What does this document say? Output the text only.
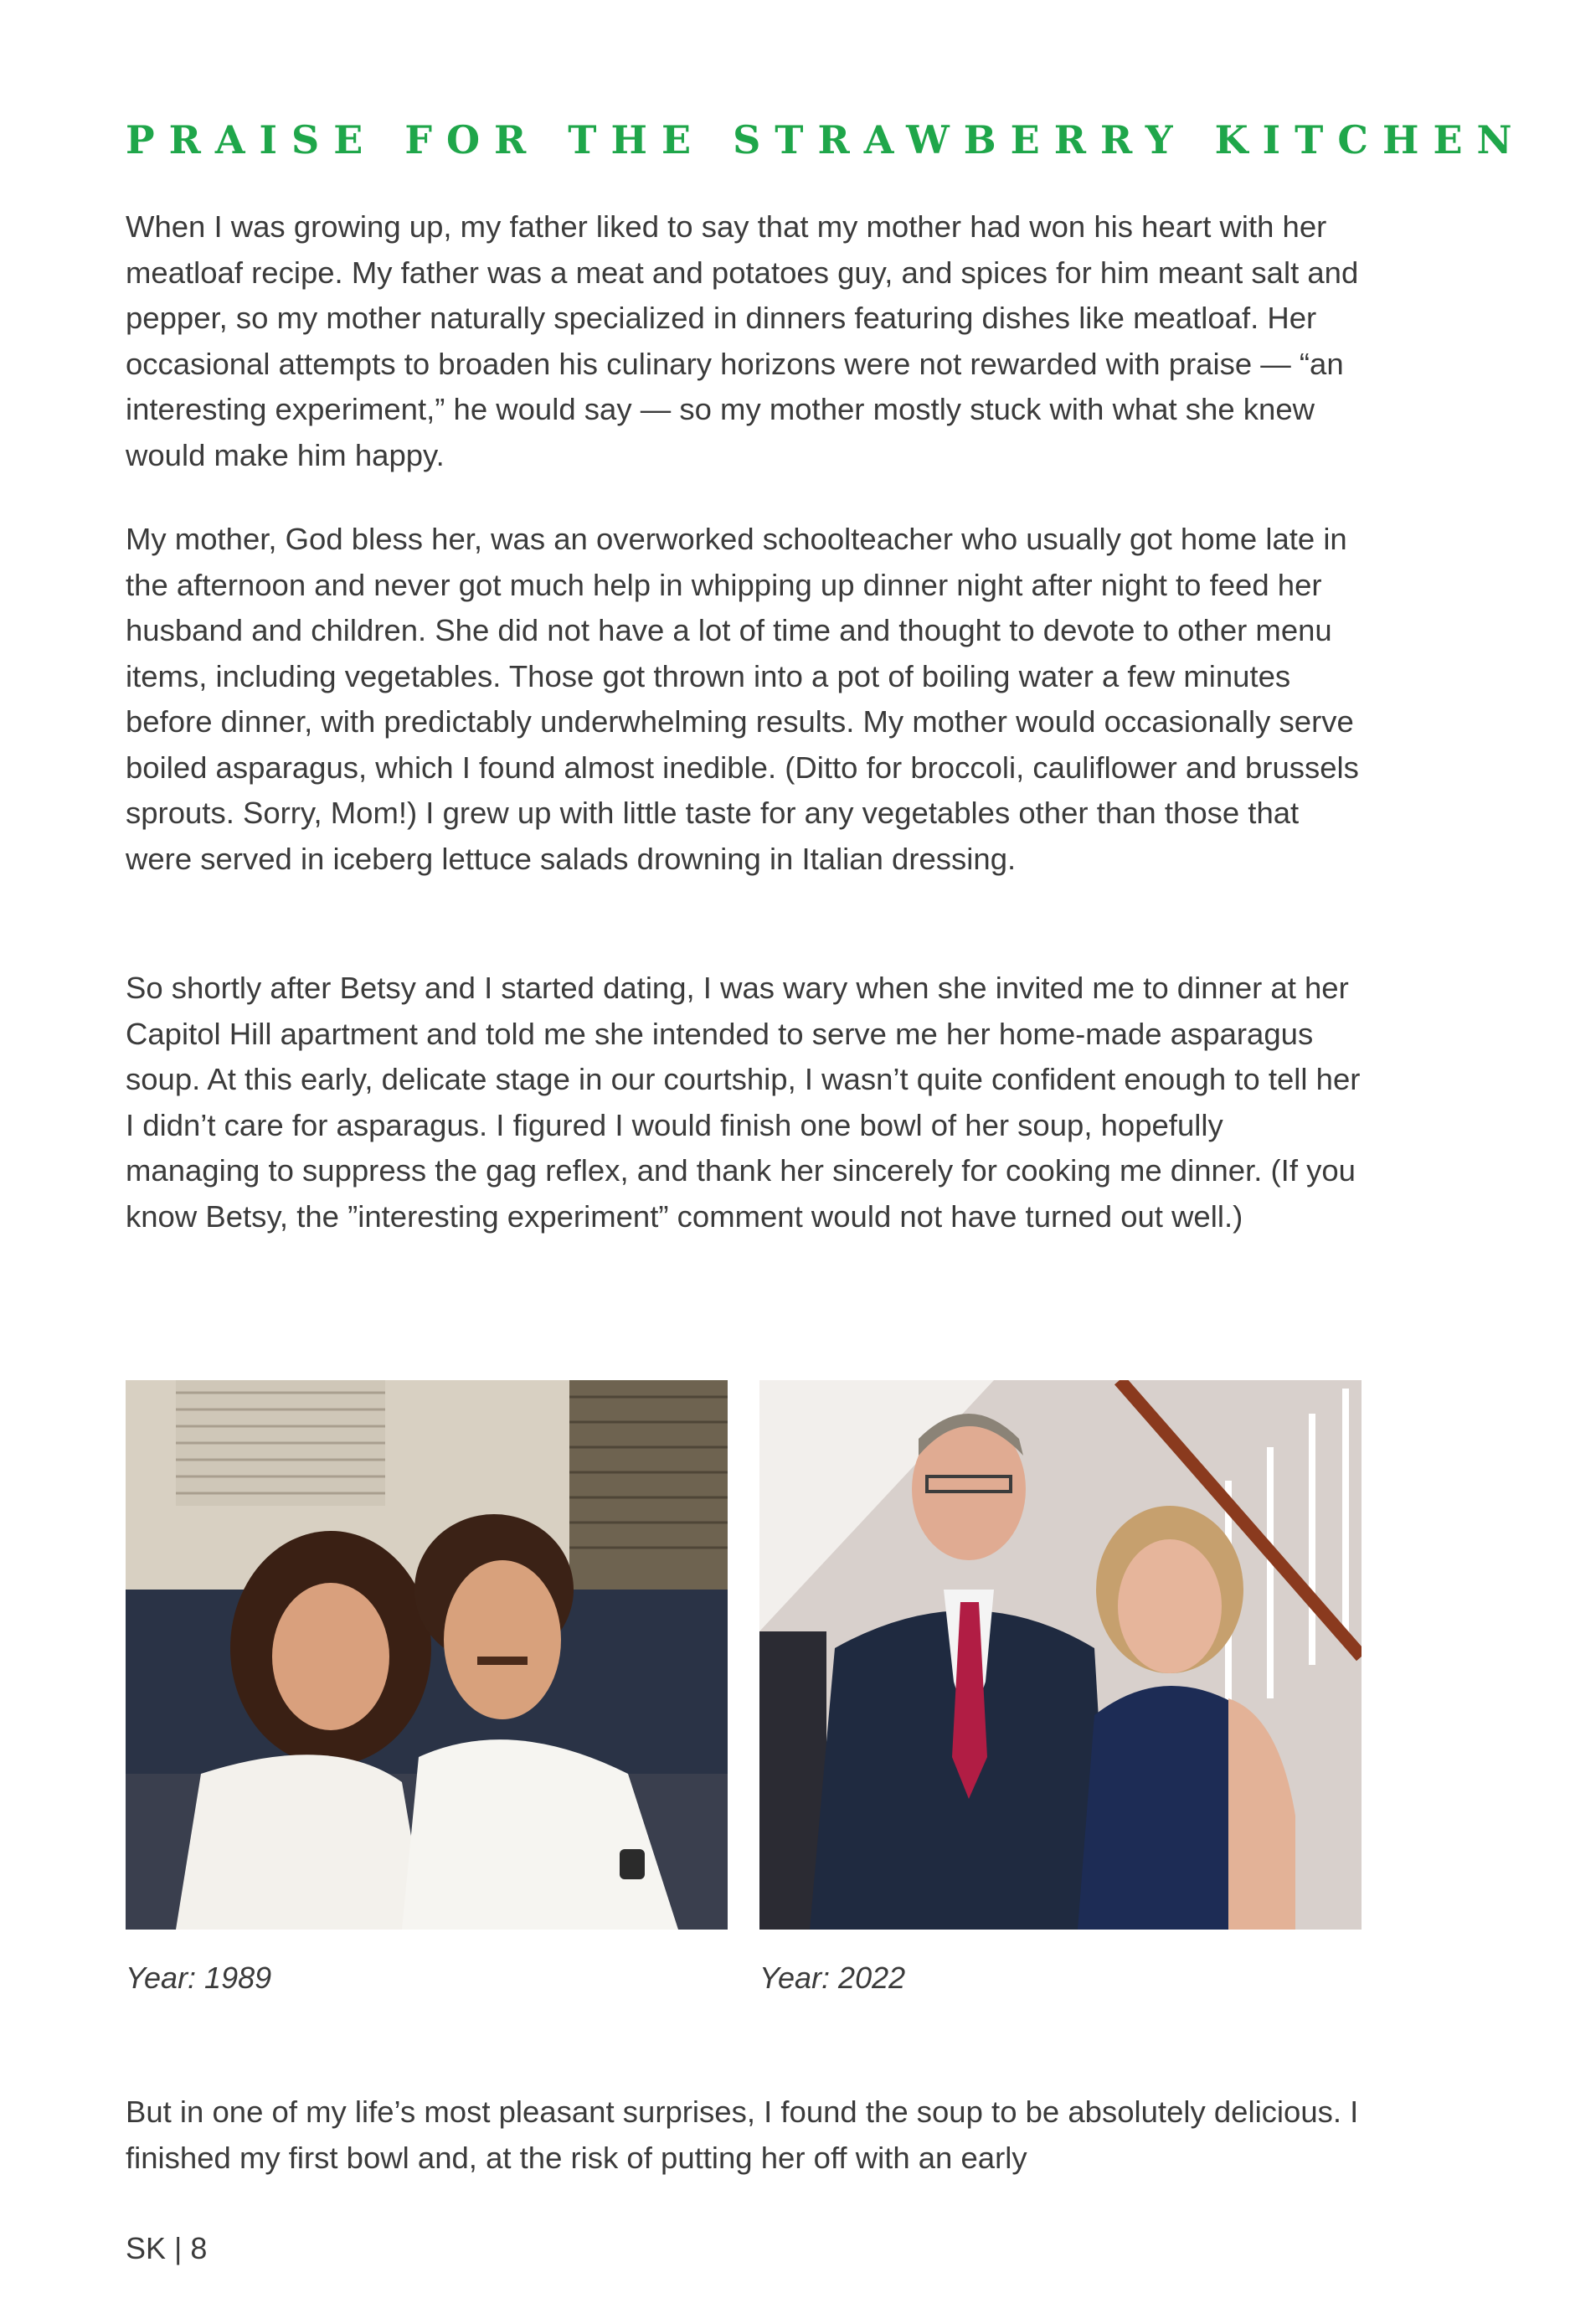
PRAISE FOR THE STRAWBERRY KITCHEN

When I was growing up, my father liked to say that my mother had won his heart with her meatloaf recipe. My father was a meat and potatoes guy, and spices for him meant salt and pepper, so my mother naturally specialized in dinners featuring dishes like meatloaf. Her occasional attempts to broaden his culinary horizons were not rewarded with praise — “an interesting experiment,” he would say — so my mother mostly stuck with what she knew would make him happy.

My mother, God bless her, was an overworked schoolteacher who usually got home late in the afternoon and never got much help in whipping up dinner night after night to feed her husband and children. She did not have a lot of time and thought to devote to other menu items, including vegetables. Those got thrown into a pot of boiling water a few minutes before dinner, with predictably underwhelming results. My mother would occasionally serve boiled asparagus, which I found almost inedible. (Ditto for broccoli, cauliflower and brussels sprouts. Sorry, Mom!) I grew up with little taste for any vegetables other than those that were served in iceberg lettuce salads drowning in Italian dressing.

So shortly after Betsy and I started dating, I was wary when she invited me to dinner at her Capitol Hill apartment and told me she intended to serve me her home-made asparagus soup. At this early, delicate stage in our courtship, I wasn’t quite confident enough to tell her I didn’t care for asparagus. I figured I would finish one bowl of her soup, hopefully managing to suppress the gag reflex, and thank her sincerely for cooking me dinner. (If you know Betsy, the ”interesting experiment” comment would not have turned out well.)

Year: 1989	Year: 2022

But in one of my life’s most pleasant surprises, I found the soup to be absolutely delicious. I finished my first bowl and, at the risk of putting her off with an early

SK | 8
